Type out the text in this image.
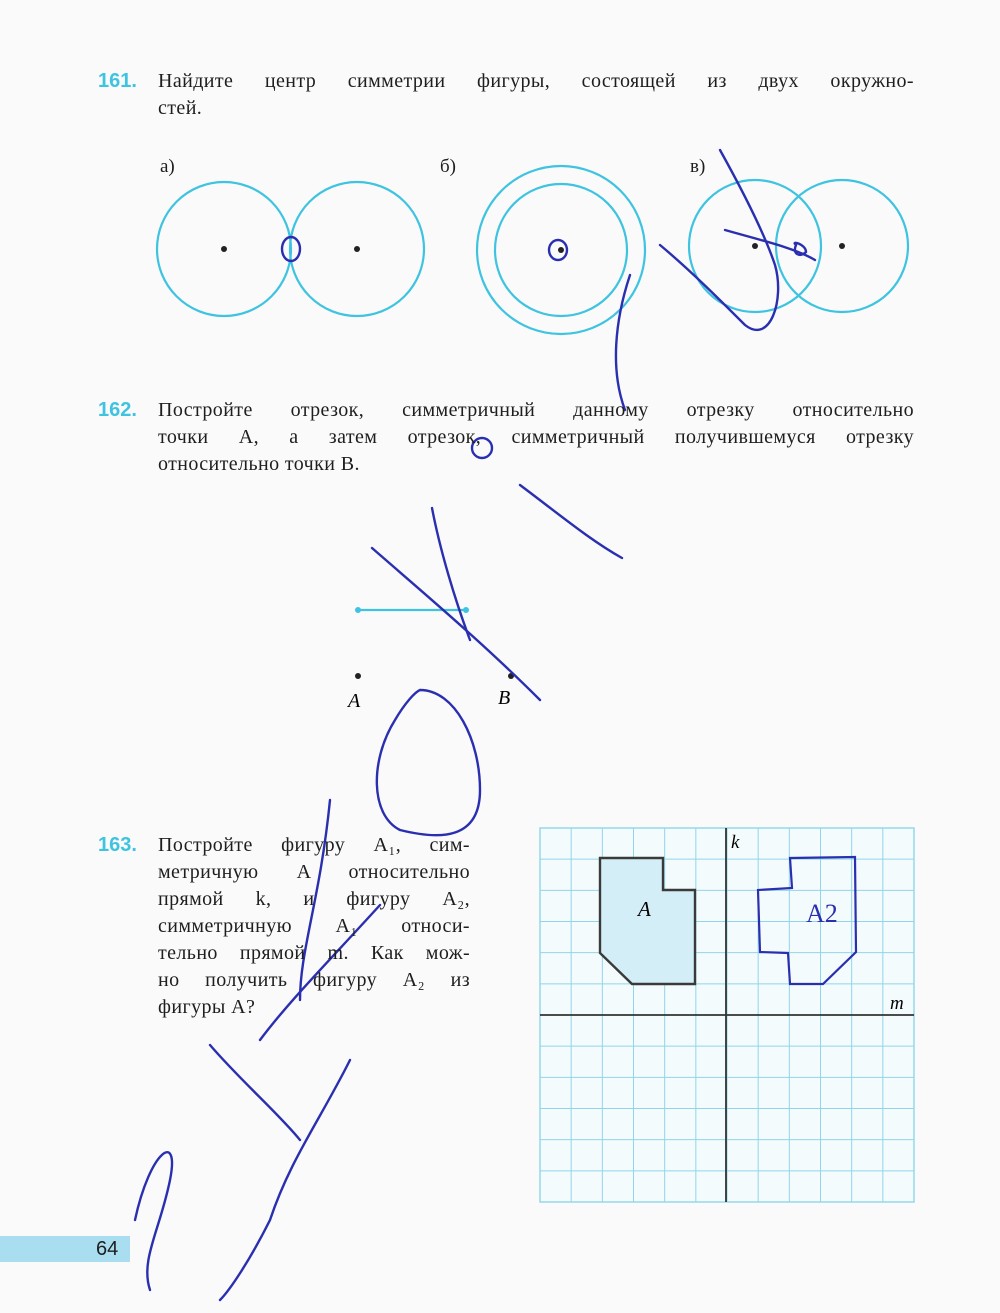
161. Найдите центр симметрии фигуры, состоящей из двух окружно-
стей.
а)	б)	в)
A	B
k
m
A	A2
162. Постройте отрезок, симметричный данному отрезку относительно
точки A, а затем отрезок, симметричный получившемуся отрезку
относительно точки B.
163. Постройте фигуру A₁, сим-
метричную A относительно
прямой k, и фигуру A₂,
симметричную A₁ относи-
тельно прямой m. Как мож-
но получить фигуру A₂ из
фигуры A?
64
